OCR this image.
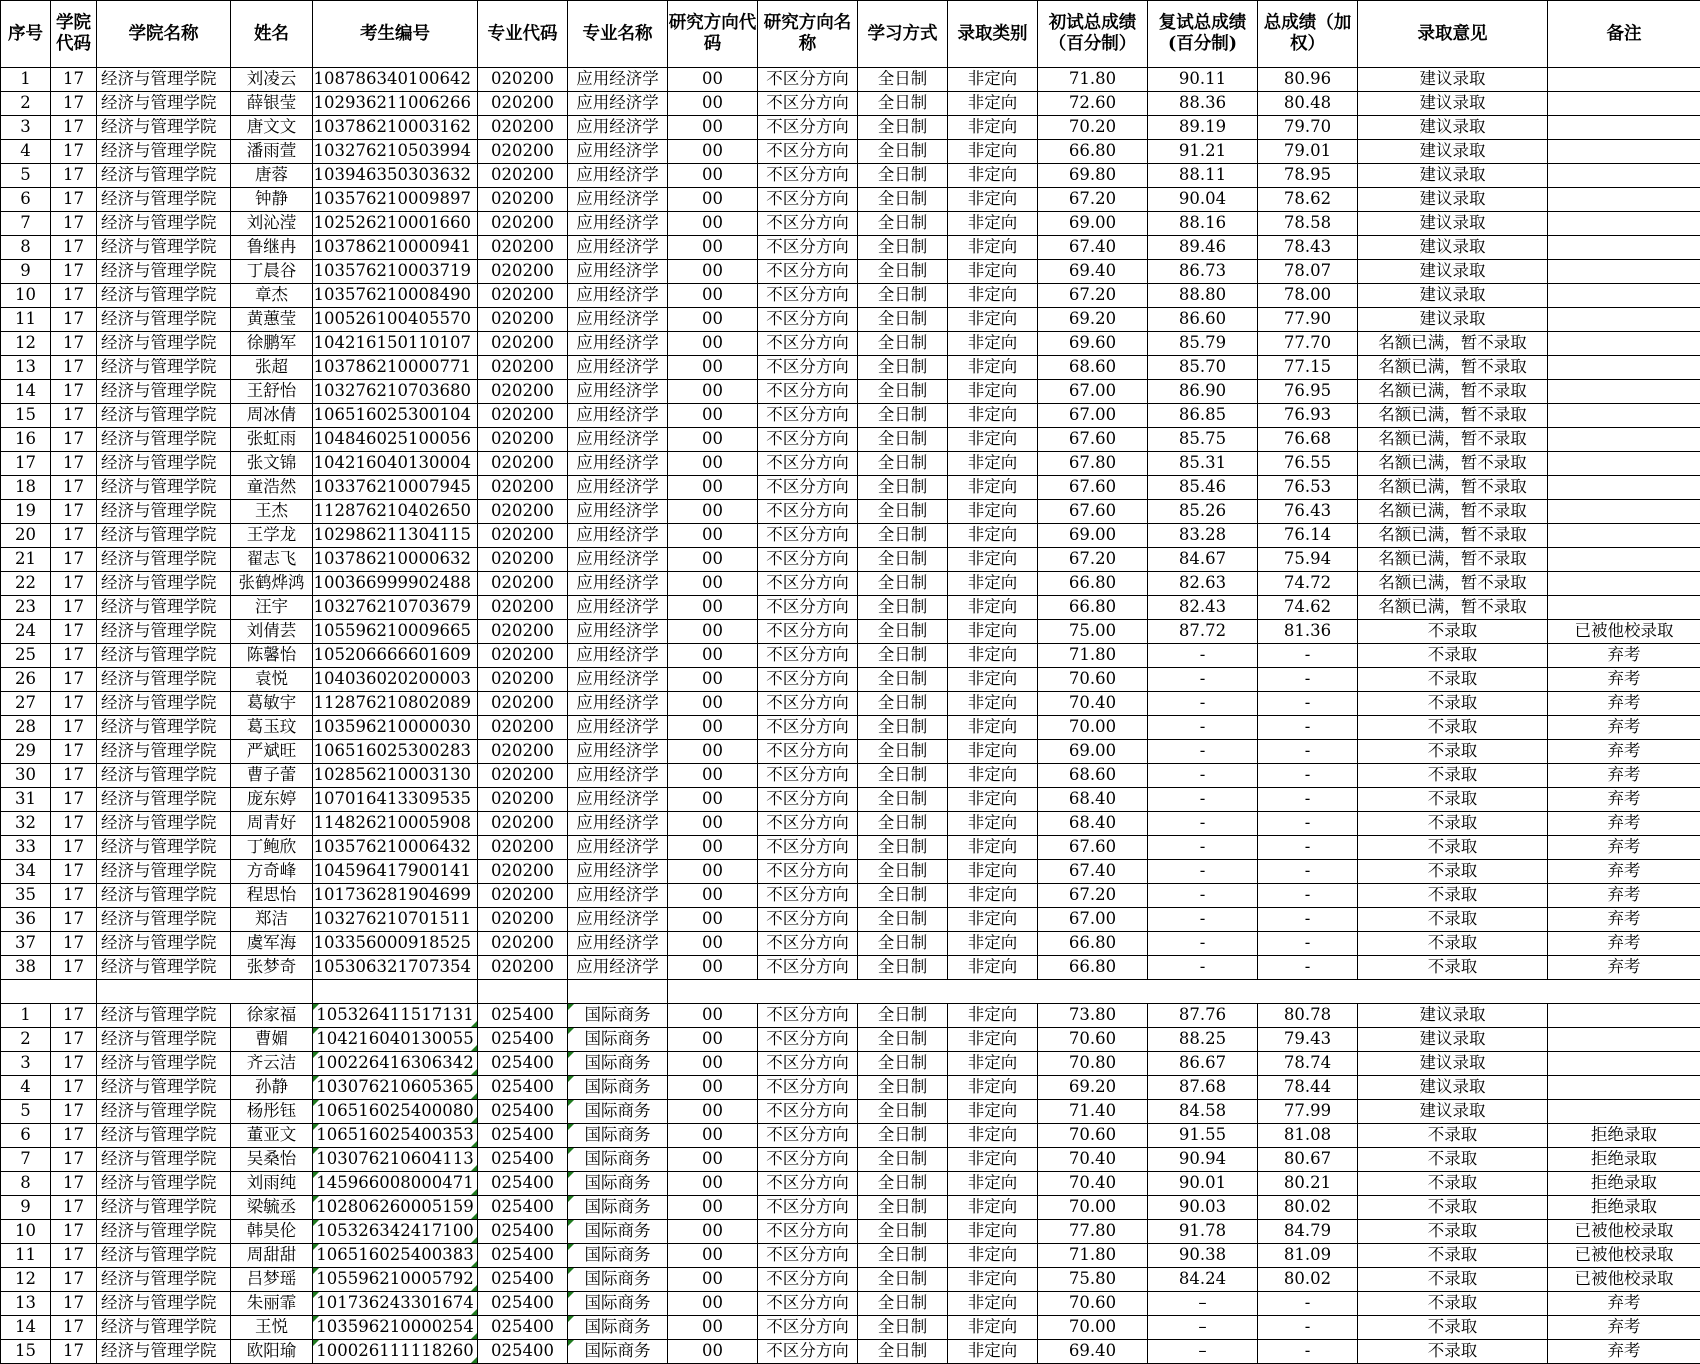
序号	学院代码	学院名称	姓名	考生编号	专业代码	专业名称	研究方向代码	研究方向名称	学习方式	录取类别	初试总成绩（百分制）	复试总成绩(百分制)	总成绩（加权）	录取意见	备注
1	17	经济与管理学院	刘凌云	108786340100642	020200	应用经济学	00	不区分方向	全日制	非定向	71.80	90.11	80.96	建议录取	
2	17	经济与管理学院	薛银莹	102936211006266	020200	应用经济学	00	不区分方向	全日制	非定向	72.60	88.36	80.48	建议录取	
3	17	经济与管理学院	唐文文	103786210003162	020200	应用经济学	00	不区分方向	全日制	非定向	70.20	89.19	79.70	建议录取	
4	17	经济与管理学院	潘雨萱	103276210503994	020200	应用经济学	00	不区分方向	全日制	非定向	66.80	91.21	79.01	建议录取	
5	17	经济与管理学院	唐蓉	103946350303632	020200	应用经济学	00	不区分方向	全日制	非定向	69.80	88.11	78.95	建议录取	
6	17	经济与管理学院	钟静	103576210009897	020200	应用经济学	00	不区分方向	全日制	非定向	67.20	90.04	78.62	建议录取	
7	17	经济与管理学院	刘沁滢	102526210001660	020200	应用经济学	00	不区分方向	全日制	非定向	69.00	88.16	78.58	建议录取	
8	17	经济与管理学院	鲁继冉	103786210000941	020200	应用经济学	00	不区分方向	全日制	非定向	67.40	89.46	78.43	建议录取	
9	17	经济与管理学院	丁晨谷	103576210003719	020200	应用经济学	00	不区分方向	全日制	非定向	69.40	86.73	78.07	建议录取	
10	17	经济与管理学院	章杰	103576210008490	020200	应用经济学	00	不区分方向	全日制	非定向	67.20	88.80	78.00	建议录取	
11	17	经济与管理学院	黄蕙莹	100526100405570	020200	应用经济学	00	不区分方向	全日制	非定向	69.20	86.60	77.90	建议录取	
12	17	经济与管理学院	徐鹏军	104216150110107	020200	应用经济学	00	不区分方向	全日制	非定向	69.60	85.79	77.70	名额已满，暂不录取	
13	17	经济与管理学院	张超	103786210000771	020200	应用经济学	00	不区分方向	全日制	非定向	68.60	85.70	77.15	名额已满，暂不录取	
14	17	经济与管理学院	王舒怡	103276210703680	020200	应用经济学	00	不区分方向	全日制	非定向	67.00	86.90	76.95	名额已满，暂不录取	
15	17	经济与管理学院	周冰倩	106516025300104	020200	应用经济学	00	不区分方向	全日制	非定向	67.00	86.85	76.93	名额已满，暂不录取	
16	17	经济与管理学院	张虹雨	104846025100056	020200	应用经济学	00	不区分方向	全日制	非定向	67.60	85.75	76.68	名额已满，暂不录取	
17	17	经济与管理学院	张文锦	104216040130004	020200	应用经济学	00	不区分方向	全日制	非定向	67.80	85.31	76.55	名额已满，暂不录取	
18	17	经济与管理学院	童浩然	103376210007945	020200	应用经济学	00	不区分方向	全日制	非定向	67.60	85.46	76.53	名额已满，暂不录取	
19	17	经济与管理学院	王杰	112876210402650	020200	应用经济学	00	不区分方向	全日制	非定向	67.60	85.26	76.43	名额已满，暂不录取	
20	17	经济与管理学院	王学龙	102986211304115	020200	应用经济学	00	不区分方向	全日制	非定向	69.00	83.28	76.14	名额已满，暂不录取	
21	17	经济与管理学院	翟志飞	103786210000632	020200	应用经济学	00	不区分方向	全日制	非定向	67.20	84.67	75.94	名额已满，暂不录取	
22	17	经济与管理学院	张鹤烨鸿	100366999902488	020200	应用经济学	00	不区分方向	全日制	非定向	66.80	82.63	74.72	名额已满，暂不录取	
23	17	经济与管理学院	汪宇	103276210703679	020200	应用经济学	00	不区分方向	全日制	非定向	66.80	82.43	74.62	名额已满，暂不录取	
24	17	经济与管理学院	刘倩芸	105596210009665	020200	应用经济学	00	不区分方向	全日制	非定向	75.00	87.72	81.36	不录取	已被他校录取
25	17	经济与管理学院	陈馨怡	105206666601609	020200	应用经济学	00	不区分方向	全日制	非定向	71.80	-	-	不录取	弃考
26	17	经济与管理学院	袁悦	104036020200003	020200	应用经济学	00	不区分方向	全日制	非定向	70.60	-	-	不录取	弃考
27	17	经济与管理学院	葛敏宇	112876210802089	020200	应用经济学	00	不区分方向	全日制	非定向	70.40	-	-	不录取	弃考
28	17	经济与管理学院	葛玉玟	103596210000030	020200	应用经济学	00	不区分方向	全日制	非定向	70.00	-	-	不录取	弃考
29	17	经济与管理学院	严斌旺	106516025300283	020200	应用经济学	00	不区分方向	全日制	非定向	69.00	-	-	不录取	弃考
30	17	经济与管理学院	曹子蕾	102856210003130	020200	应用经济学	00	不区分方向	全日制	非定向	68.60	-	-	不录取	弃考
31	17	经济与管理学院	庞东婷	107016413309535	020200	应用经济学	00	不区分方向	全日制	非定向	68.40	-	-	不录取	弃考
32	17	经济与管理学院	周青好	114826210005908	020200	应用经济学	00	不区分方向	全日制	非定向	68.40	-	-	不录取	弃考
33	17	经济与管理学院	丁鲍欣	103576210006432	020200	应用经济学	00	不区分方向	全日制	非定向	67.60	-	-	不录取	弃考
34	17	经济与管理学院	方奇峰	104596417900141	020200	应用经济学	00	不区分方向	全日制	非定向	67.40	-	-	不录取	弃考
35	17	经济与管理学院	程思怡	101736281904699	020200	应用经济学	00	不区分方向	全日制	非定向	67.20	-	-	不录取	弃考
36	17	经济与管理学院	郑洁	103276210701511	020200	应用经济学	00	不区分方向	全日制	非定向	67.00	-	-	不录取	弃考
37	17	经济与管理学院	虞军海	103356000918525	020200	应用经济学	00	不区分方向	全日制	非定向	66.80	-	-	不录取	弃考
38	17	经济与管理学院	张梦奇	105306321707354	020200	应用经济学	00	不区分方向	全日制	非定向	66.80	-	-	不录取	弃考

1	17	经济与管理学院	徐家福	105326411517131	025400	国际商务	00	不区分方向	全日制	非定向	73.80	87.76	80.78	建议录取	
2	17	经济与管理学院	曹媚	104216040130055	025400	国际商务	00	不区分方向	全日制	非定向	70.60	88.25	79.43	建议录取	
3	17	经济与管理学院	齐云洁	100226416306342	025400	国际商务	00	不区分方向	全日制	非定向	70.80	86.67	78.74	建议录取	
4	17	经济与管理学院	孙静	103076210605365	025400	国际商务	00	不区分方向	全日制	非定向	69.20	87.68	78.44	建议录取	
5	17	经济与管理学院	杨彤钰	106516025400080	025400	国际商务	00	不区分方向	全日制	非定向	71.40	84.58	77.99	建议录取	
6	17	经济与管理学院	董亚文	106516025400353	025400	国际商务	00	不区分方向	全日制	非定向	70.60	91.55	81.08	不录取	拒绝录取
7	17	经济与管理学院	吴桑怡	103076210604113	025400	国际商务	00	不区分方向	全日制	非定向	70.40	90.94	80.67	不录取	拒绝录取
8	17	经济与管理学院	刘雨纯	145966008000471	025400	国际商务	00	不区分方向	全日制	非定向	70.40	90.01	80.21	不录取	拒绝录取
9	17	经济与管理学院	梁毓丞	102806260005159	025400	国际商务	00	不区分方向	全日制	非定向	70.00	90.03	80.02	不录取	拒绝录取
10	17	经济与管理学院	韩昊伦	105326342417100	025400	国际商务	00	不区分方向	全日制	非定向	77.80	91.78	84.79	不录取	已被他校录取
11	17	经济与管理学院	周甜甜	106516025400383	025400	国际商务	00	不区分方向	全日制	非定向	71.80	90.38	81.09	不录取	已被他校录取
12	17	经济与管理学院	吕梦瑶	105596210005792	025400	国际商务	00	不区分方向	全日制	非定向	75.80	84.24	80.02	不录取	已被他校录取
13	17	经济与管理学院	朱丽霏	101736243301674	025400	国际商务	00	不区分方向	全日制	非定向	70.60	–	-	不录取	弃考
14	17	经济与管理学院	王悦	103596210000254	025400	国际商务	00	不区分方向	全日制	非定向	70.00	–	-	不录取	弃考
15	17	经济与管理学院	欧阳瑜	100026111118260	025400	国际商务	00	不区分方向	全日制	非定向	69.40	–	-	不录取	弃考
